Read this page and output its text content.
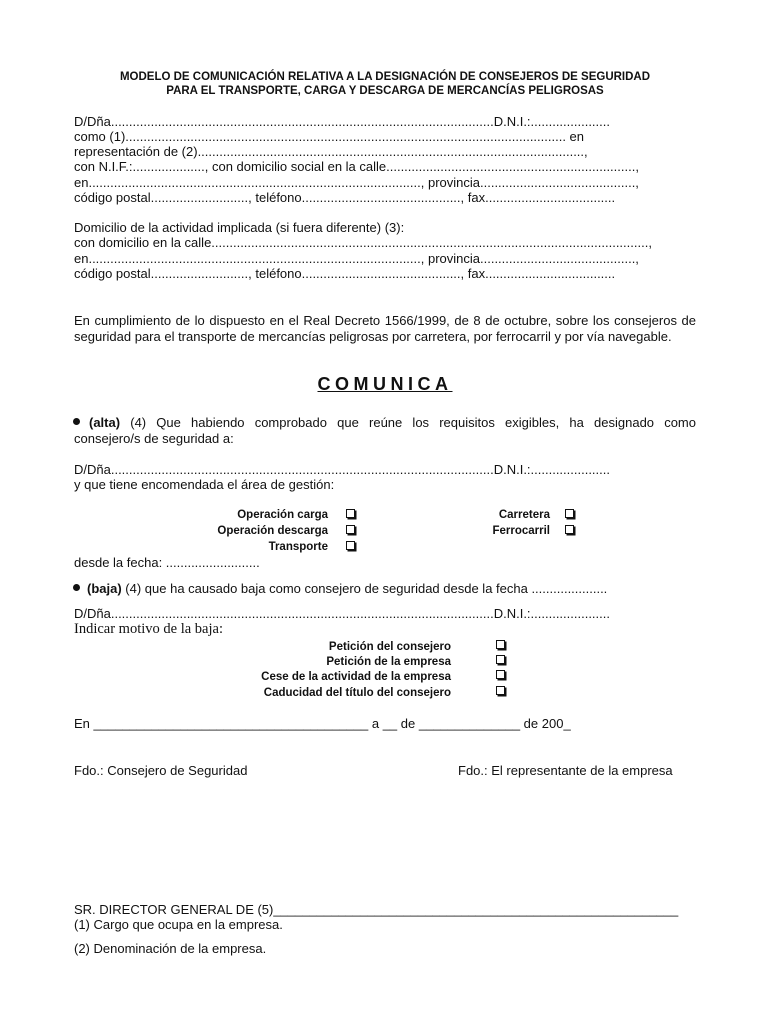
MODELO DE COMUNICACIÓN RELATIVA A LA DESIGNACIÓN DE CONSEJEROS DE SEGURIDAD

PARA EL TRANSPORTE, CARGA Y DESCARGA DE MERCANCÍAS PELIGROSAS

D/Dña..........................................................................................................D.N.I.:......................

como (1).......................................................................................................................... en

representación de (2)...........................................................................................................,

con N.I.F.:...................., con domicilio social en la calle.....................................................................,

en............................................................................................, provincia...........................................,

código postal..........................., teléfono............................................, fax....................................

Domicilio de la actividad implicada (si fuera diferente) (3):

con domicilio en la calle.........................................................................................................................,

en............................................................................................, provincia...........................................,

código postal..........................., teléfono............................................, fax....................................

En cumplimiento de lo dispuesto en el Real Decreto 1566/1999, de 8 de octubre, sobre los consejeros de seguridad para el transporte de mercancías peligrosas por carretera, por ferrocarril y por vía navegable.

COMUNICA

(alta) (4) Que habiendo comprobado que reúne los requisitos exigibles, ha designado como

consejero/s de seguridad a:

D/Dña..........................................................................................................D.N.I.:......................

y que tiene encomendada el área de gestión:

Operación carga

Operación descarga

Transporte

Carretera

Ferrocarril

desde la fecha: ..........................

(baja) (4) que ha causado baja como consejero de seguridad desde la fecha .....................

D/Dña..........................................................................................................D.N.I.:......................

Indicar motivo de la baja:

Petición del consejero

Petición de la empresa

Cese de la actividad de la empresa

Caducidad del título del consejero

En ______________________________________ a __ de ______________ de 200_

Fdo.: Consejero de Seguridad	Fdo.: El representante de la empresa

SR. DIRECTOR GENERAL DE (5)________________________________________________________

(1) Cargo que ocupa en la empresa.

(2) Denominación de la empresa.
